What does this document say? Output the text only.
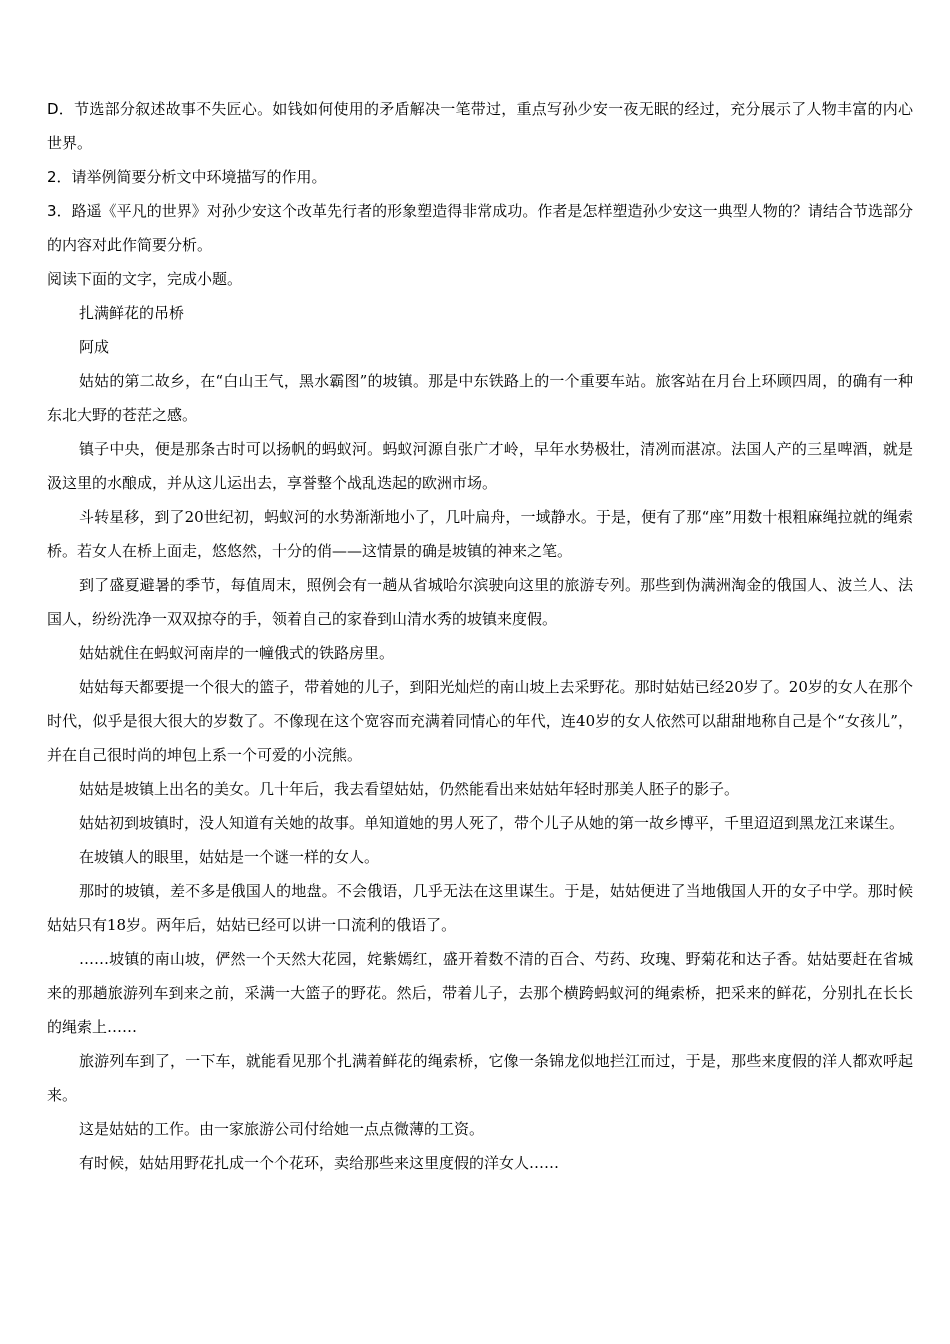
D．节选部分叙述故事不失匠心。如钱如何使用的矛盾解决一笔带过，重点写孙少安一夜无眠的经过，充分展示了人物丰富的内心世界。

2．请举例简要分析文中环境描写的作用。

3．路遥《平凡的世界》对孙少安这个改革先行者的形象塑造得非常成功。作者是怎样塑造孙少安这一典型人物的？请结合节选部分的内容对此作简要分析。

阅读下面的文字，完成小题。

扎满鲜花的吊桥

阿成

姑姑的第二故乡，在“白山王气，黑水霸图”的坡镇。那是中东铁路上的一个重要车站。旅客站在月台上环顾四周，的确有一种东北大野的苍茫之感。

镇子中央，便是那条古时可以扬帆的蚂蚁河。蚂蚁河源自张广才岭，早年水势极壮，清冽而湛凉。法国人产的三星啤酒，就是汲这里的水酿成，并从这儿运出去，享誉整个战乱迭起的欧洲市场。

斗转星移，到了20世纪初，蚂蚁河的水势渐渐地小了，几叶扁舟，一域静水。于是，便有了那“座”用数十根粗麻绳拉就的绳索桥。若女人在桥上面走，悠悠然，十分的俏——这情景的确是坡镇的神来之笔。

到了盛夏避暑的季节，每值周末，照例会有一趟从省城哈尔滨驶向这里的旅游专列。那些到伪满洲淘金的俄国人、波兰人、法国人，纷纷洗净一双双掠夺的手，领着自己的家眷到山清水秀的坡镇来度假。

姑姑就住在蚂蚁河南岸的一幢俄式的铁路房里。

姑姑每天都要提一个很大的篮子，带着她的儿子，到阳光灿烂的南山坡上去采野花。那时姑姑已经20岁了。20岁的女人在那个时代，似乎是很大很大的岁数了。不像现在这个宽容而充满着同情心的年代，连40岁的女人依然可以甜甜地称自己是个“女孩儿”，并在自己很时尚的坤包上系一个可爱的小浣熊。

姑姑是坡镇上出名的美女。几十年后，我去看望姑姑，仍然能看出来姑姑年轻时那美人胚子的影子。

姑姑初到坡镇时，没人知道有关她的故事。单知道她的男人死了，带个儿子从她的第一故乡博平，千里迢迢到黑龙江来谋生。

在坡镇人的眼里，姑姑是一个谜一样的女人。

那时的坡镇，差不多是俄国人的地盘。不会俄语，几乎无法在这里谋生。于是，姑姑便进了当地俄国人开的女子中学。那时候姑姑只有18岁。两年后，姑姑已经可以讲一口流利的俄语了。

……坡镇的南山坡，俨然一个天然大花园，姹紫嫣红，盛开着数不清的百合、芍药、玫瑰、野菊花和达子香。姑姑要赶在省城来的那趟旅游列车到来之前，采满一大篮子的野花。然后，带着儿子，去那个横跨蚂蚁河的绳索桥，把采来的鲜花，分别扎在长长的绳索上……

旅游列车到了，一下车，就能看见那个扎满着鲜花的绳索桥，它像一条锦龙似地拦江而过，于是，那些来度假的洋人都欢呼起来。

这是姑姑的工作。由一家旅游公司付给她一点点微薄的工资。

有时候，姑姑用野花扎成一个个花环，卖给那些来这里度假的洋女人……
